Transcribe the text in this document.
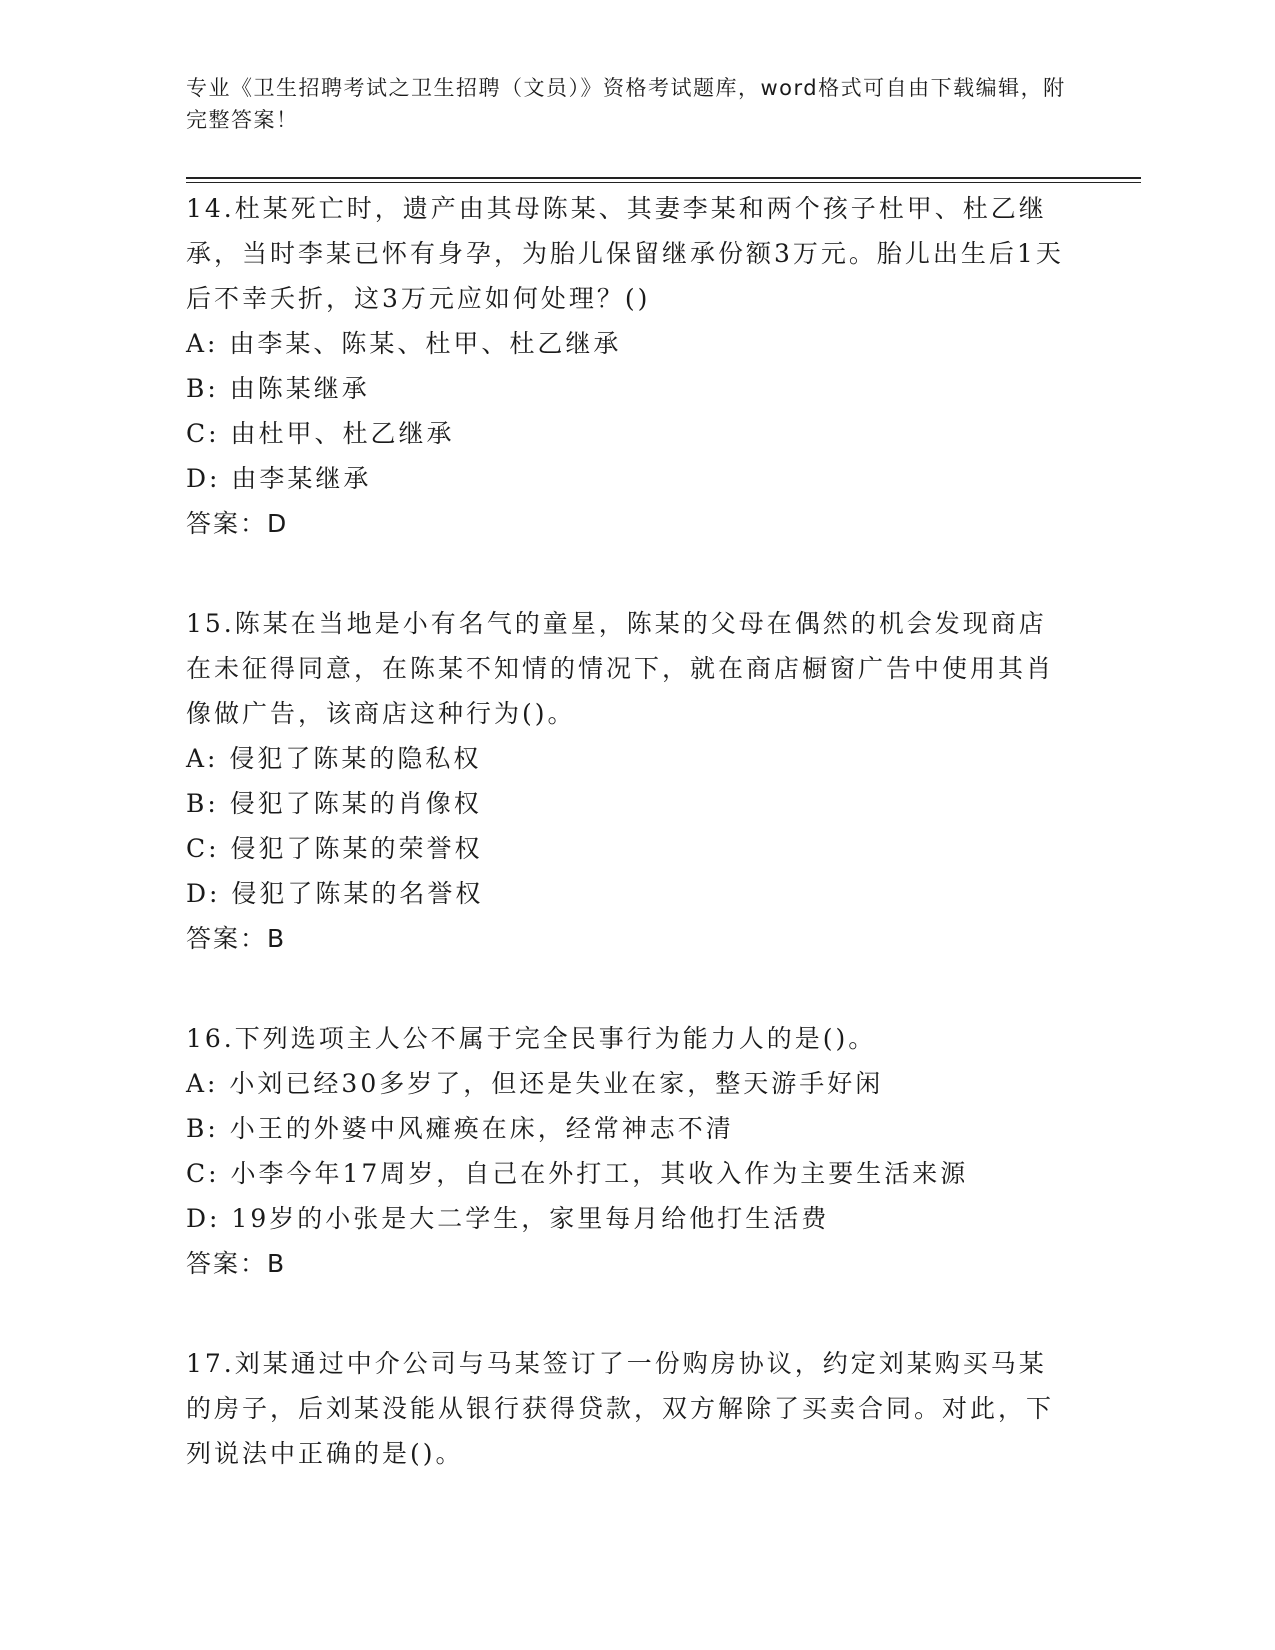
专业《卫生招聘考试之卫生招聘（文员）》资格考试题库，word格式可自由下载编辑，附完整答案！

14.杜某死亡时，遗产由其母陈某、其妻李某和两个孩子杜甲、杜乙继承，当时李某已怀有身孕，为胎儿保留继承份额3万元。胎儿出生后1天后不幸夭折，这3万元应如何处理？()

A: 由李某、陈某、杜甲、杜乙继承

B: 由陈某继承

C: 由杜甲、杜乙继承

D: 由李某继承

答案：D

15.陈某在当地是小有名气的童星，陈某的父母在偶然的机会发现商店在未征得同意，在陈某不知情的情况下，就在商店橱窗广告中使用其肖像做广告，该商店这种行为()。

A: 侵犯了陈某的隐私权

B: 侵犯了陈某的肖像权

C: 侵犯了陈某的荣誉权

D: 侵犯了陈某的名誉权

答案：B

16.下列选项主人公不属于完全民事行为能力人的是()。

A: 小刘已经30多岁了，但还是失业在家，整天游手好闲

B: 小王的外婆中风瘫痪在床，经常神志不清

C: 小李今年17周岁，自己在外打工，其收入作为主要生活来源

D: 19岁的小张是大二学生，家里每月给他打生活费

答案：B

17.刘某通过中介公司与马某签订了一份购房协议，约定刘某购买马某的房子，后刘某没能从银行获得贷款，双方解除了买卖合同。对此，下列说法中正确的是()。
